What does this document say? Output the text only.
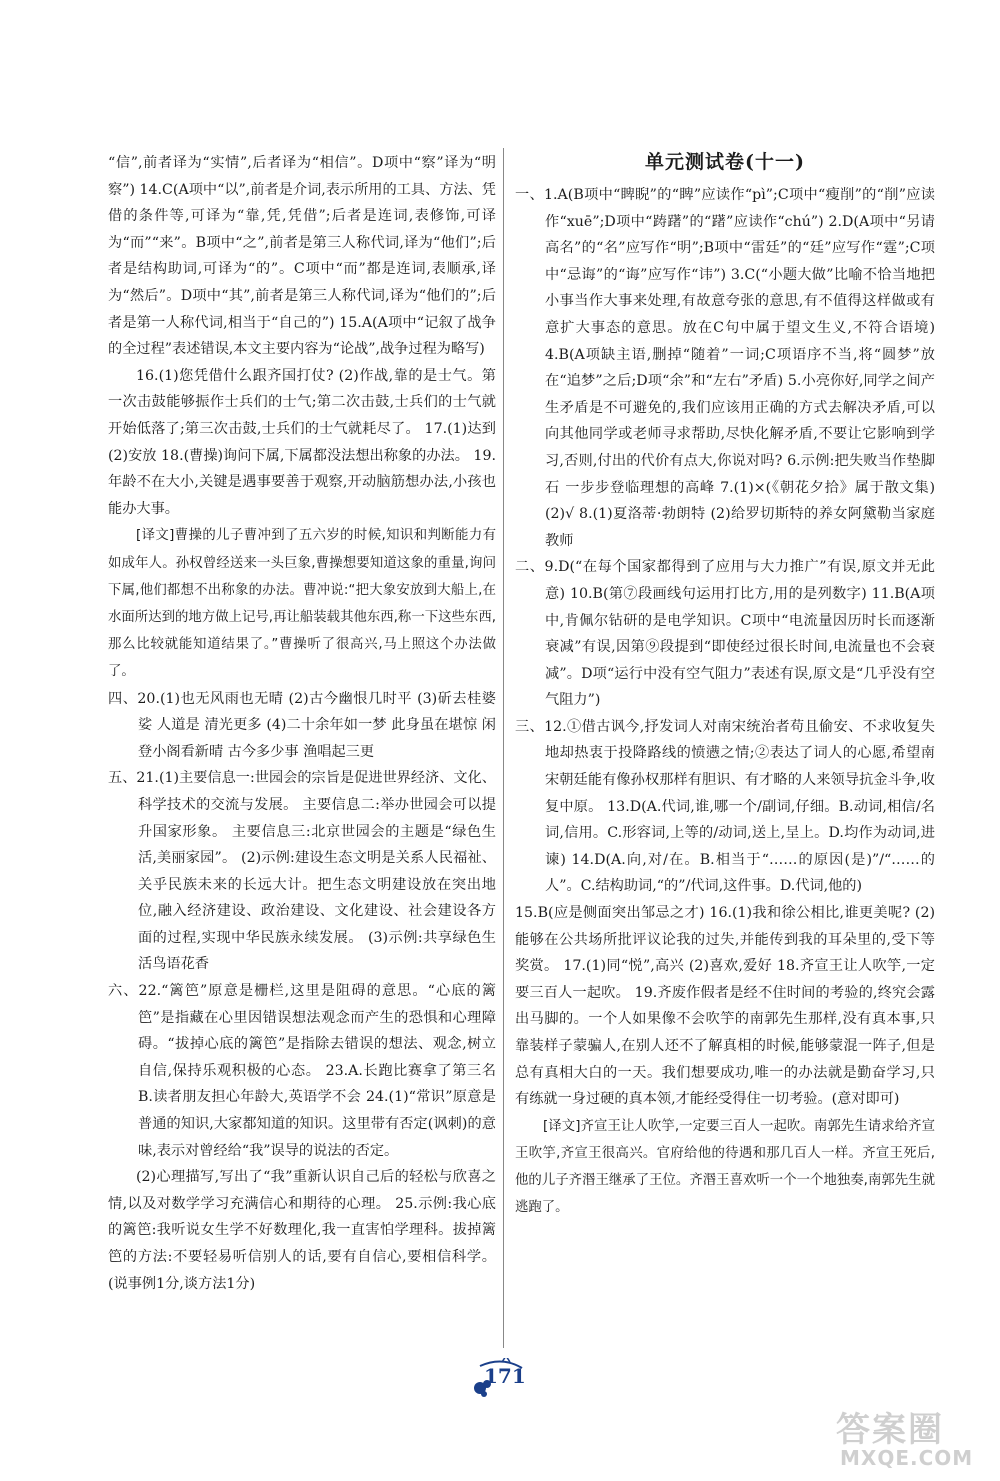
“信”,前者译为“实情”,后者译为“相信”。D项中“察”译为“明察”) 14.C(A项中“以”,前者是介词,表示所用的工具、方法、凭借的条件等,可译为“靠,凭,凭借”;后者是连词,表修饰,可译为“而”“来”。B项中“之”,前者是第三人称代词,译为“他们”;后者是结构助词,可译为“的”。C项中“而”都是连词,表顺承,译为“然后”。D项中“其”,前者是第三人称代词,译为“他们的”;后者是第一人称代词,相当于“自己的”) 15.A(A项中“记叙了战争的全过程”表述错误,本文主要内容为“论战”,战争过程为略写)

16.(1)您凭借什么跟齐国打仗? (2)作战,靠的是士气。第一次击鼓能够振作士兵们的士气;第二次击鼓,士兵们的士气就开始低落了;第三次击鼓,士兵们的士气就耗尽了。 17.(1)达到 (2)安放 18.(曹操)询问下属,下属都没法想出称象的办法。 19.年龄不在大小,关键是遇事要善于观察,开动脑筋想办法,小孩也能办大事。

[译文]曹操的儿子曹冲到了五六岁的时候,知识和判断能力有如成年人。孙权曾经送来一头巨象,曹操想要知道这象的重量,询问下属,他们都想不出称象的办法。曹冲说:“把大象安放到大船上,在水面所达到的地方做上记号,再让船装载其他东西,称一下这些东西,那么比较就能知道结果了。”曹操听了很高兴,马上照这个办法做了。

四、20.(1)也无风雨也无晴 (2)古今幽恨几时平 (3)斫去桂婆娑 人道是 清光更多 (4)二十余年如一梦 此身虽在堪惊 闲登小阁看新晴 古今多少事 渔唱起三更

五、21.(1)主要信息一:世园会的宗旨是促进世界经济、文化、科学技术的交流与发展。 主要信息二:举办世园会可以提升国家形象。 主要信息三:北京世园会的主题是“绿色生活,美丽家园”。 (2)示例:建设生态文明是关系人民福祉、关乎民族未来的长远大计。把生态文明建设放在突出地位,融入经济建设、政治建设、文化建设、社会建设各方面的过程,实现中华民族永续发展。 (3)示例:共享绿色生活鸟语花香

六、22.“篱笆”原意是栅栏,这里是阻碍的意思。“心底的篱笆”是指藏在心里因错误想法观念而产生的恐惧和心理障碍。“拔掉心底的篱笆”是指除去错误的想法、观念,树立自信,保持乐观积极的心态。 23.A.长跑比赛拿了第三名 B.读者朋友担心年龄大,英语学不会 24.(1)“常识”原意是普通的知识,大家都知道的知识。这里带有否定(讽刺)的意味,表示对曾经给“我”误导的说法的否定。

(2)心理描写,写出了“我”重新认识自己后的轻松与欣喜之情,以及对数学学习充满信心和期待的心理。 25.示例:我心底的篱笆:我听说女生学不好数理化,我一直害怕学理科。拔掉篱笆的方法:不要轻易听信别人的话,要有自信心,要相信科学。(说事例1分,谈方法1分)

单元测试卷(十一)

一、1.A(B项中“睥睨”的“睥”应读作“pì”;C项中“瘦削”的“削”应读作“xuē”;D项中“踌躇”的“躇”应读作“chú”) 2.D(A项中“另请高名”的“名”应写作“明”;B项中“雷廷”的“廷”应写作“霆”;C项中“忌诲”的“诲”应写作“讳”) 3.C(“小题大做”比喻不恰当地把小事当作大事来处理,有故意夸张的意思,有不值得这样做或有意扩大事态的意思。放在C句中属于望文生义,不符合语境) 4.B(A项缺主语,删掉“随着”一词;C项语序不当,将“圆梦”放在“追梦”之后;D项“余”和“左右”矛盾) 5.小亮你好,同学之间产生矛盾是不可避免的,我们应该用正确的方式去解决矛盾,可以向其他同学或老师寻求帮助,尽快化解矛盾,不要让它影响到学习,否则,付出的代价有点大,你说对吗? 6.示例:把失败当作垫脚石 一步步登临理想的高峰 7.(1)×(《朝花夕拾》属于散文集) (2)√ 8.(1)夏洛蒂·勃朗特 (2)给罗切斯特的养女阿黛勒当家庭教师

二、9.D(“在每个国家都得到了应用与大力推广”有误,原文并无此意) 10.B(第⑦段画线句运用打比方,用的是列数字) 11.B(A项中,肯佩尔钻研的是电学知识。C项中“电流量因历时长而逐渐衰减”有误,因第⑨段提到“即使经过很长时间,电流量也不会衰减”。D项“运行中没有空气阻力”表述有误,原文是“几乎没有空气阻力”)

三、12.①借古讽今,抒发词人对南宋统治者苟且偷安、不求收复失地却热衷于投降路线的愤懑之情;②表达了词人的心愿,希望南宋朝廷能有像孙权那样有胆识、有才略的人来领导抗金斗争,收复中原。 13.D(A.代词,谁,哪一个/副词,仔细。B.动词,相信/名词,信用。C.形容词,上等的/动词,送上,呈上。D.均作为动词,进谏) 14.D(A.向,对/在。B.相当于“……的原因(是)”/“……的人”。C.结构助词,“的”/代词,这件事。D.代词,他的)

15.B(应是侧面突出邹忌之才) 16.(1)我和徐公相比,谁更美呢? (2)能够在公共场所批评议论我的过失,并能传到我的耳朵里的,受下等奖赏。 17.(1)同“悦”,高兴 (2)喜欢,爱好 18.齐宣王让人吹竽,一定要三百人一起吹。 19.齐废作假者是经不住时间的考验的,终究会露出马脚的。一个人如果像不会吹竽的南郭先生那样,没有真本事,只靠装样子蒙骗人,在别人还不了解真相的时候,能够蒙混一阵子,但是总有真相大白的一天。我们想要成功,唯一的办法就是勤奋学习,只有练就一身过硬的真本领,才能经受得住一切考验。(意对即可)

[译文]齐宣王让人吹竽,一定要三百人一起吹。南郭先生请求给齐宣王吹竽,齐宣王很高兴。官府给他的待遇和那几百人一样。齐宣王死后,他的儿子齐湣王继承了王位。齐湣王喜欢听一个一个地独奏,南郭先生就逃跑了。

171
答案圈
MXQE.COM
